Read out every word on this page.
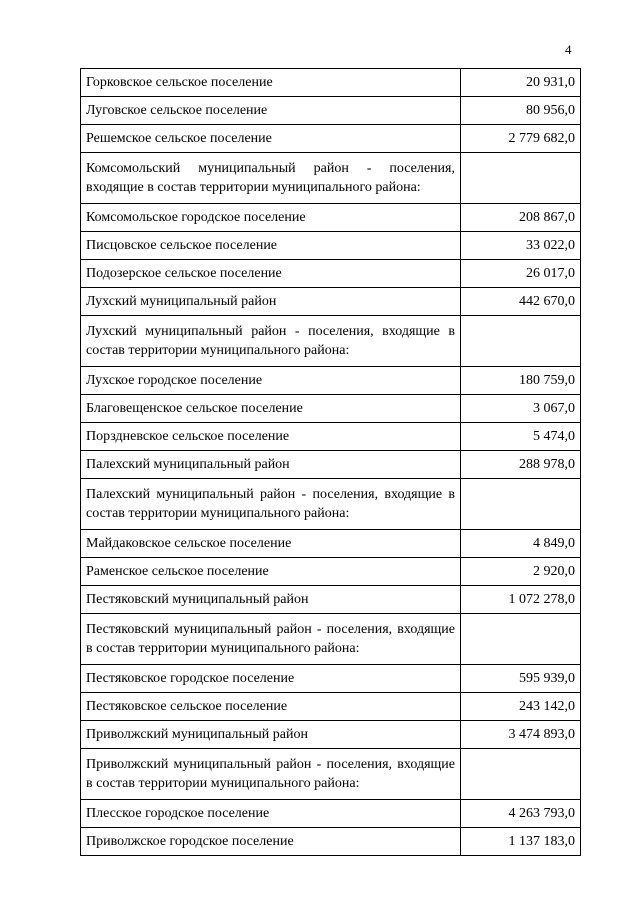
4
Горковское сельское поселение	20 931,0
Луговское сельское поселение	80 956,0
Решемское сельское поселение	2 779 682,0
Комсомольский муниципальный район - поселения, входящие в состав территории муниципального района:	
Комсомольское городское поселение	208 867,0
Писцовское сельское поселение	33 022,0
Подозерское сельское поселение	26 017,0
Лухский муниципальный район	442 670,0
Лухский муниципальный район - поселения, входящие в состав территории муниципального района:	
Лухское городское поселение	180 759,0
Благовещенское сельское поселение	3 067,0
Порздневское сельское поселение	5 474,0
Палехский муниципальный район	288 978,0
Палехский муниципальный район - поселения, входящие в состав территории муниципального района:	
Майдаковское сельское поселение	4 849,0
Раменское сельское поселение	2 920,0
Пестяковский муниципальный район	1 072 278,0
Пестяковский муниципальный район - поселения, входящие в состав территории муниципального района:	
Пестяковское городское поселение	595 939,0
Пестяковское сельское поселение	243 142,0
Приволжский муниципальный район	3 474 893,0
Приволжский муниципальный район - поселения, входящие в состав территории муниципального района:	
Плесское городское поселение	4 263 793,0
Приволжское городское поселение	1 137 183,0
